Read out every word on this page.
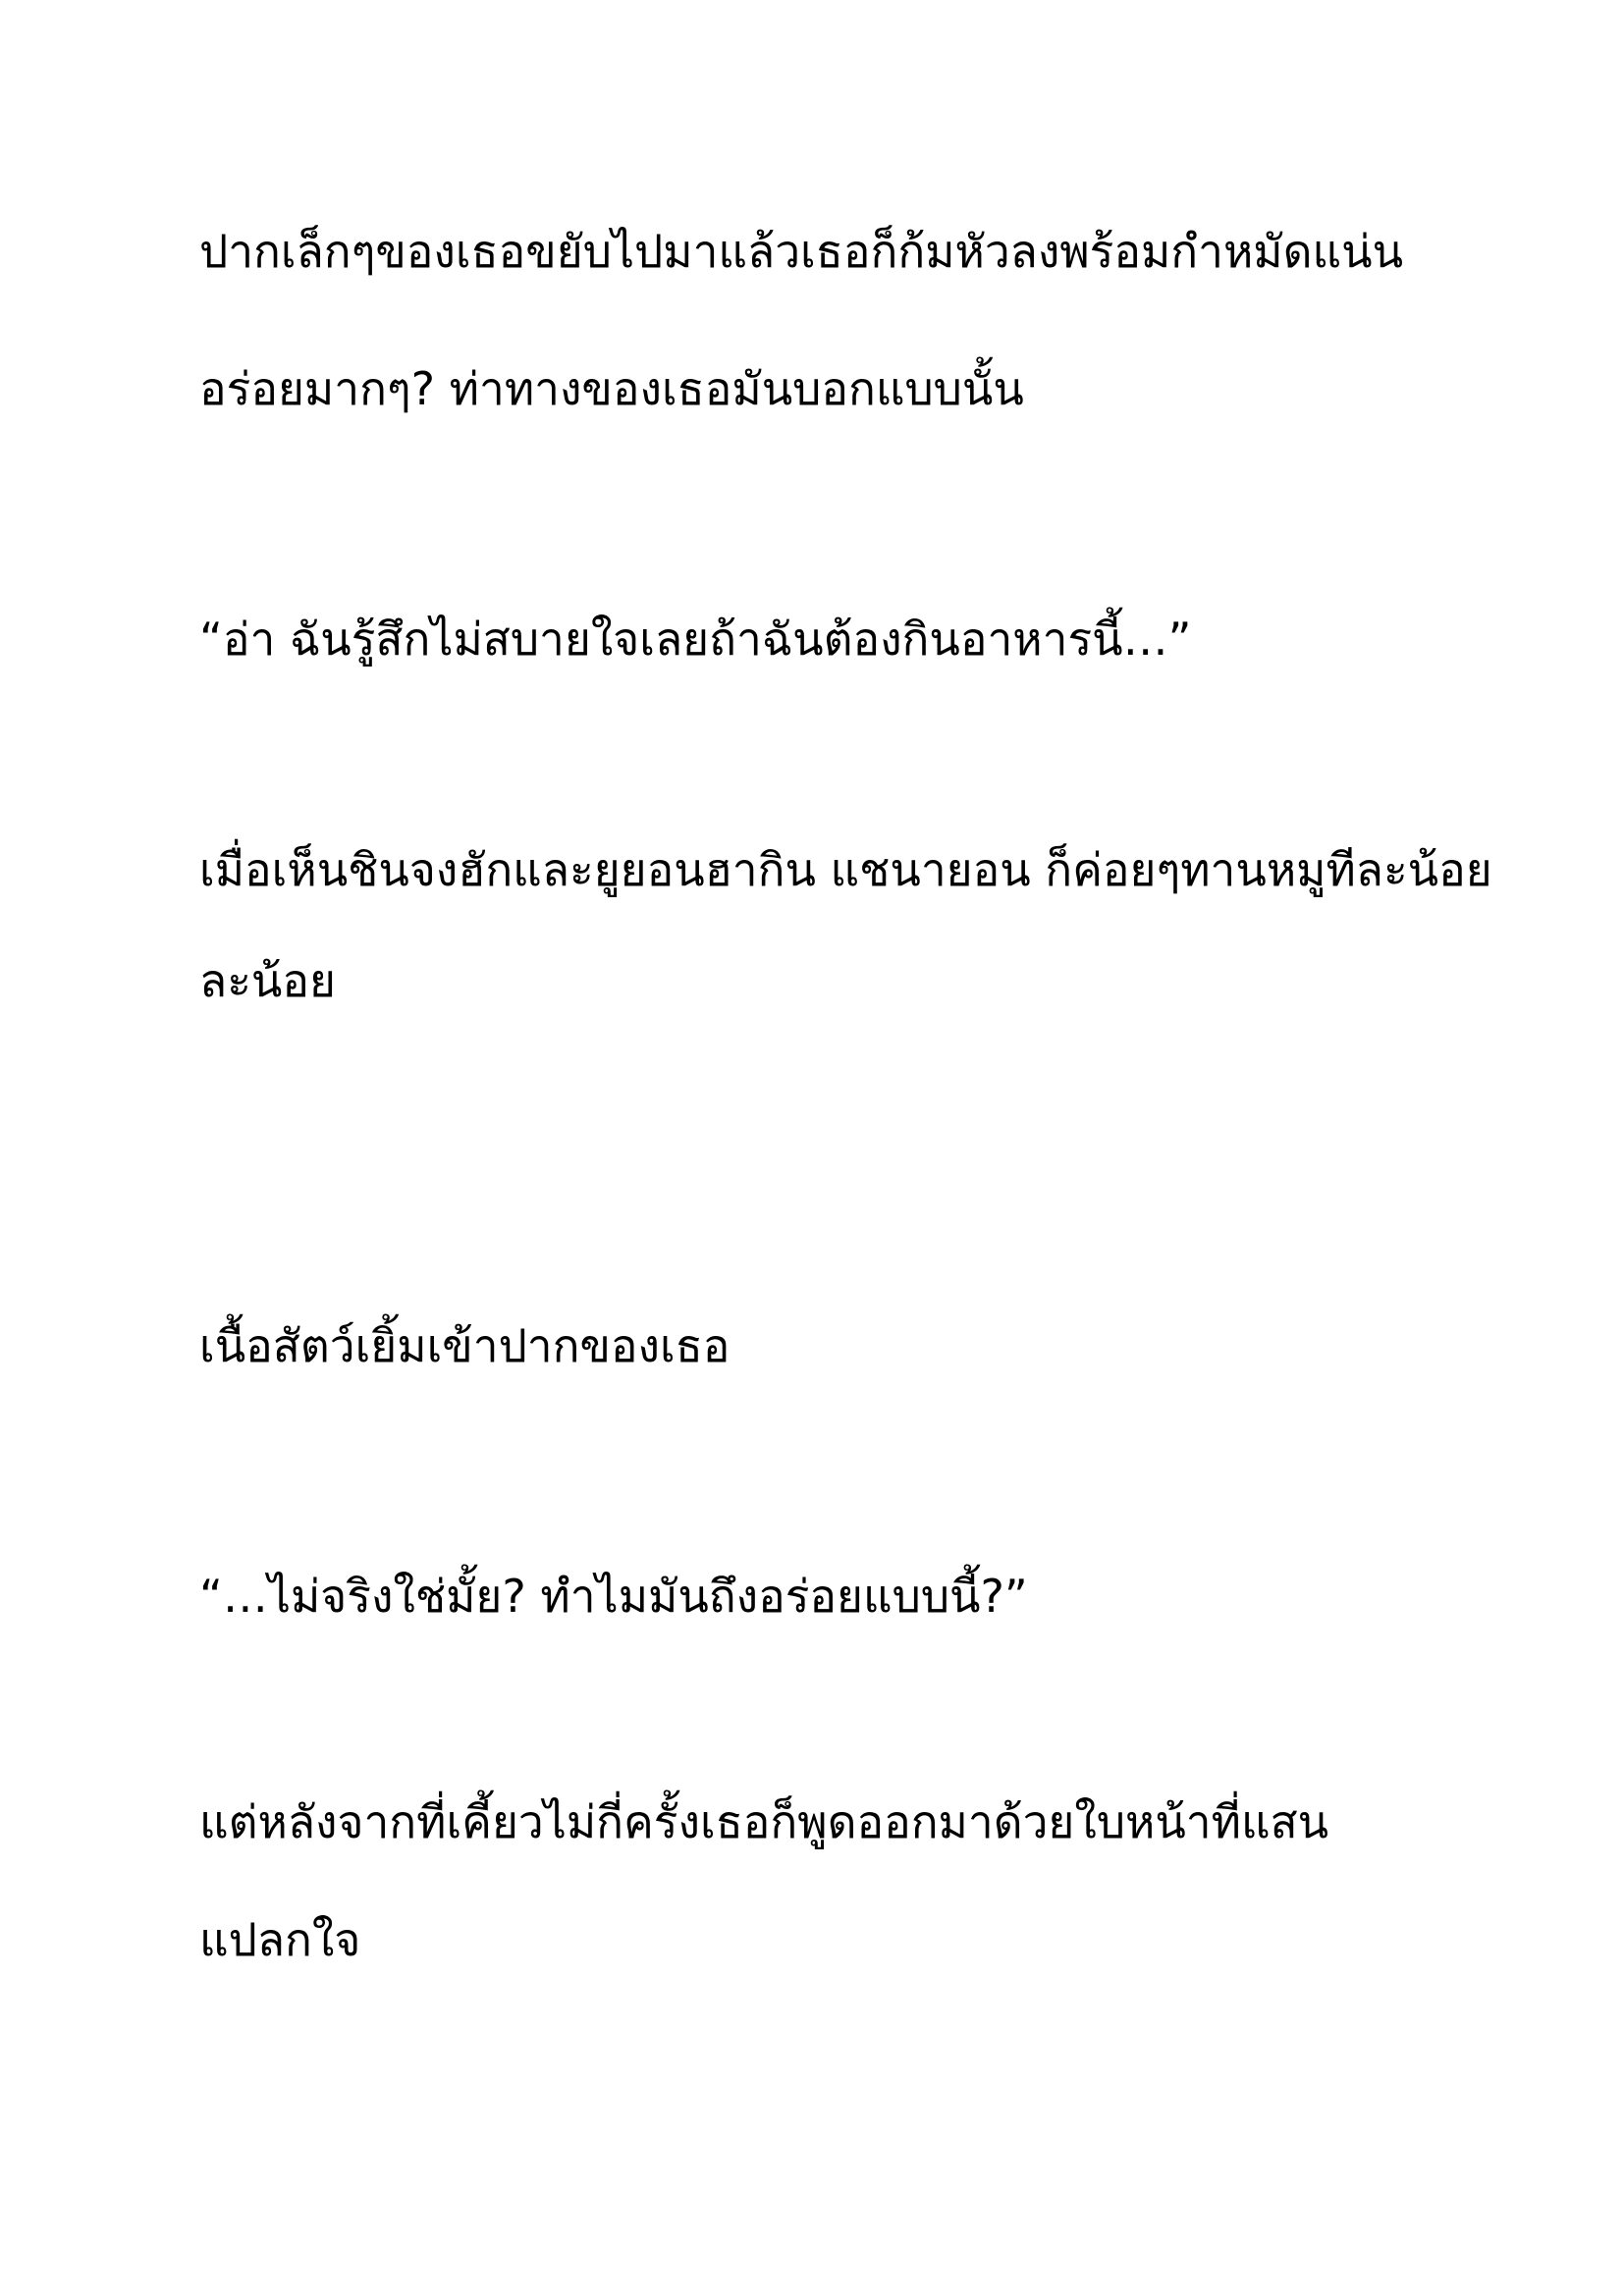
ปากเล็กๆของเธอขยับไปมาแล้วเธอก็ก้มหัวลงพร้อมกำหมัดแน่น

อร่อยมากๆ? ท่าทางของเธอมันบอกแบบนั้น

“อ่า ฉันรู้สึกไม่สบายใจเลยถ้าฉันต้องกินอาหารนี้…”

เมื่อเห็นชินจงฮักและยูยอนฮากิน แชนายอน ก็ค่อยๆทานหมูทีละน้อย

ละน้อย

เนื้อสัตว์เยิ้มเข้าปากของเธอ

“…ไม่จริงใช่มั้ย? ทำไมมันถึงอร่อยแบบนี้?”

แต่หลังจากที่เคี้ยวไม่กี่ครั้งเธอก็พูดออกมาด้วยใบหน้าที่แสน

แปลกใจ
